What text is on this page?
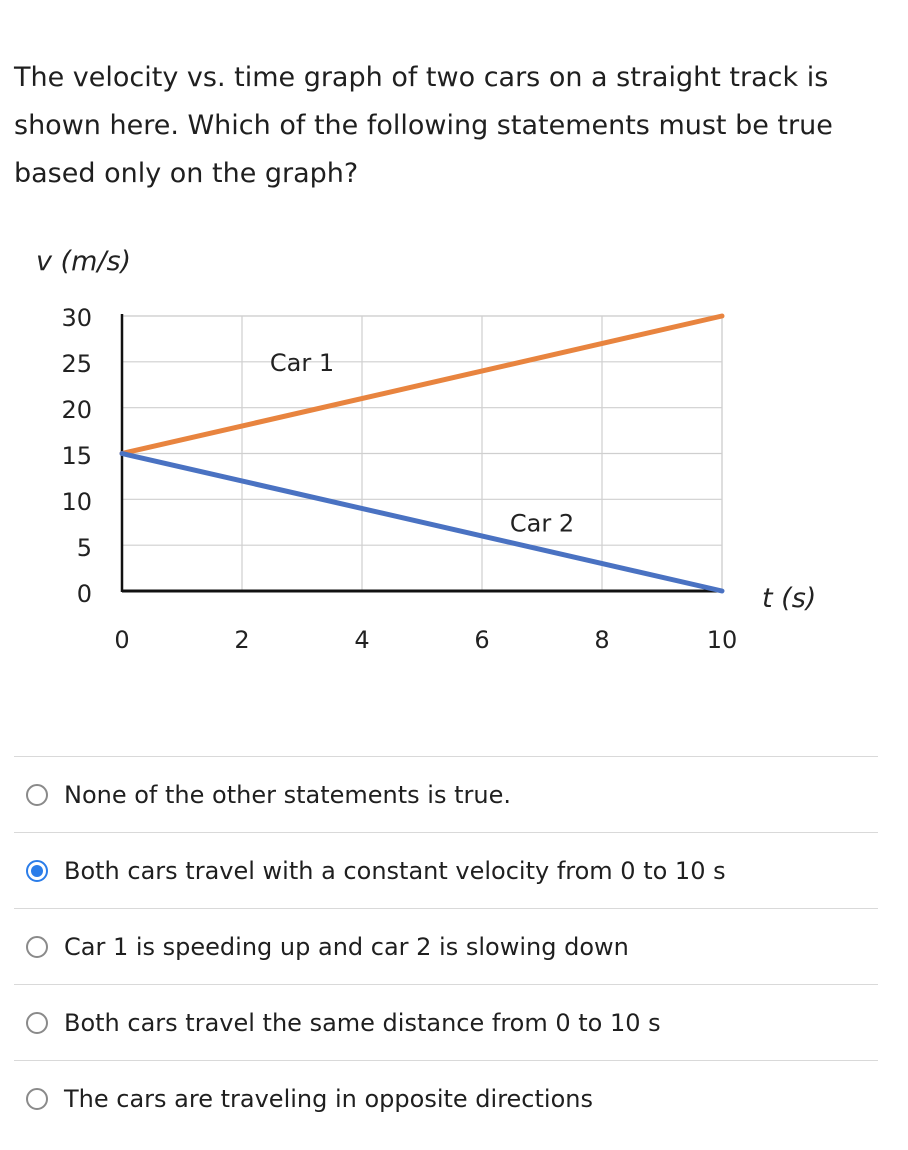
The velocity vs. time graph of two cars on a straight track is shown here. Which of the following statements must be true based only on the graph?

30
25
20
15
10
5
0
0	2	4	6	8	10
v (m/s)
t (s)
Car 1
Car 2
None of the other statements is true.
Both cars travel with a constant velocity from 0 to 10 s
Car 1 is speeding up and car 2 is slowing down
Both cars travel the same distance from 0 to 10 s
The cars are traveling in opposite directions
